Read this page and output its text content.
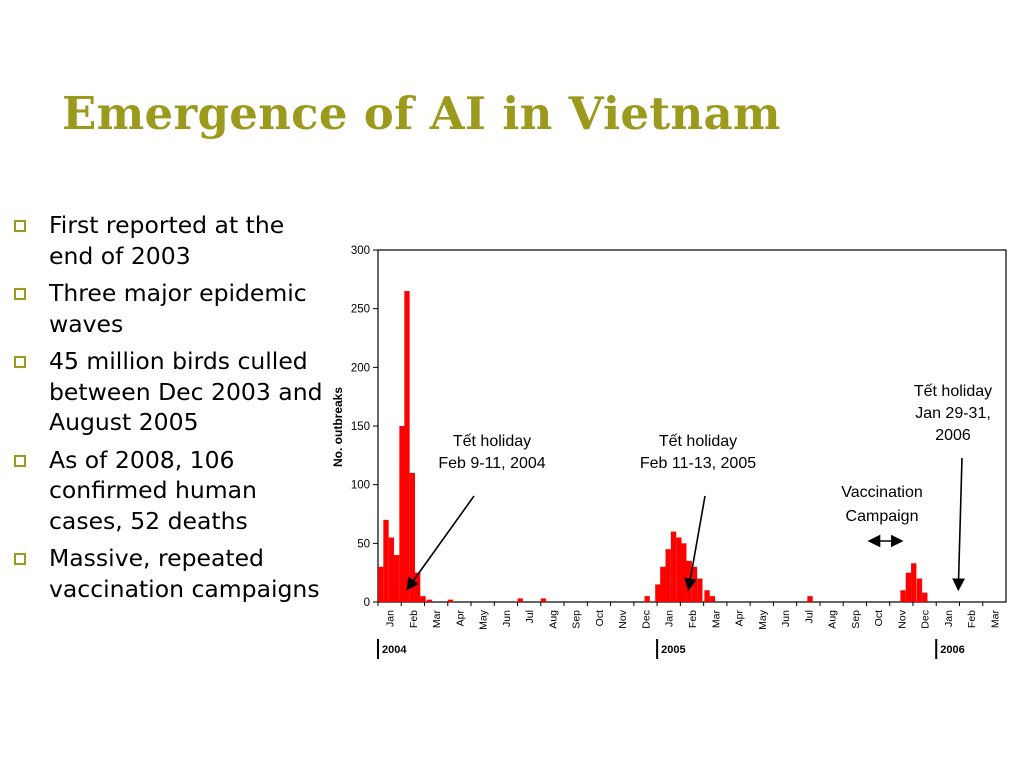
Emergence of AI in Vietnam
First reported at the end of 2003
Three major epidemic waves
45 million birds culled between Dec 2003 and August 2005
As of 2008, 106 confirmed human cases, 52 deaths
Massive, repeated vaccination campaigns
No. outbreaks
0
50
100
150
200
250
300
Jan Feb Mar Apr May Jun Jul Aug Sep Oct Nov Dec Jan Feb Mar Apr May Jun Jul Aug Sep Oct Nov Dec Jan Feb Mar
2004	2005	2006
Tết holiday
Feb 9-11, 2004
Tết holiday
Feb 11-13, 2005
Tết holiday
Jan 29-31,
2006
Vaccination
Campaign
